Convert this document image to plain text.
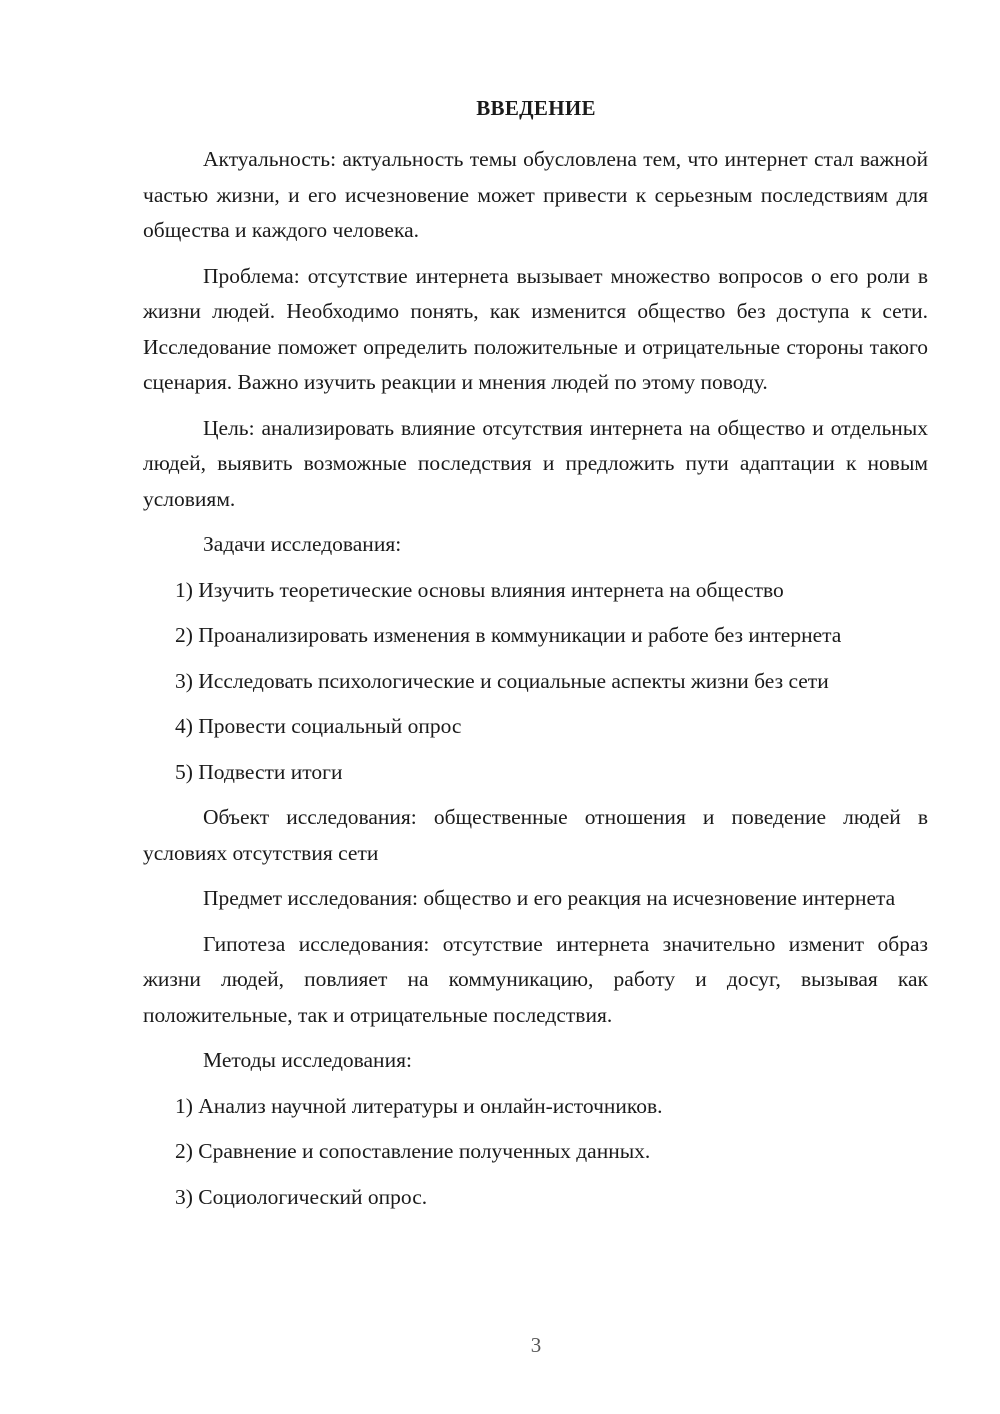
ВВЕДЕНИЕ

Актуальность: актуальность темы обусловлена тем, что интернет стал важной частью жизни, и его исчезновение может привести к серьезным последствиям для общества и каждого человека.

Проблема: отсутствие интернета вызывает множество вопросов о его роли в жизни людей. Необходимо понять, как изменится общество без доступа к сети. Исследование поможет определить положительные и отрицательные стороны такого сценария. Важно изучить реакции и мнения людей по этому поводу.

Цель: анализировать влияние отсутствия интернета на общество и отдельных людей, выявить возможные последствия и предложить пути адаптации к новым условиям.

Задачи исследования:

1) Изучить теоретические основы влияния интернета на общество

2) Проанализировать изменения в коммуникации и работе без интернета

3) Исследовать психологические и социальные аспекты жизни без сети

4) Провести социальный опрос

5) Подвести итоги

Объект исследования: общественные отношения и поведение людей в условиях отсутствия сети

Предмет исследования: общество и его реакция на исчезновение интернета

Гипотеза исследования: отсутствие интернета значительно изменит образ жизни людей, повлияет на коммуникацию, работу и досуг, вызывая как положительные, так и отрицательные последствия.

Методы исследования:

1) Анализ научной литературы и онлайн-источников.

2) Сравнение и сопоставление полученных данных.

3) Социологический опрос.

3
